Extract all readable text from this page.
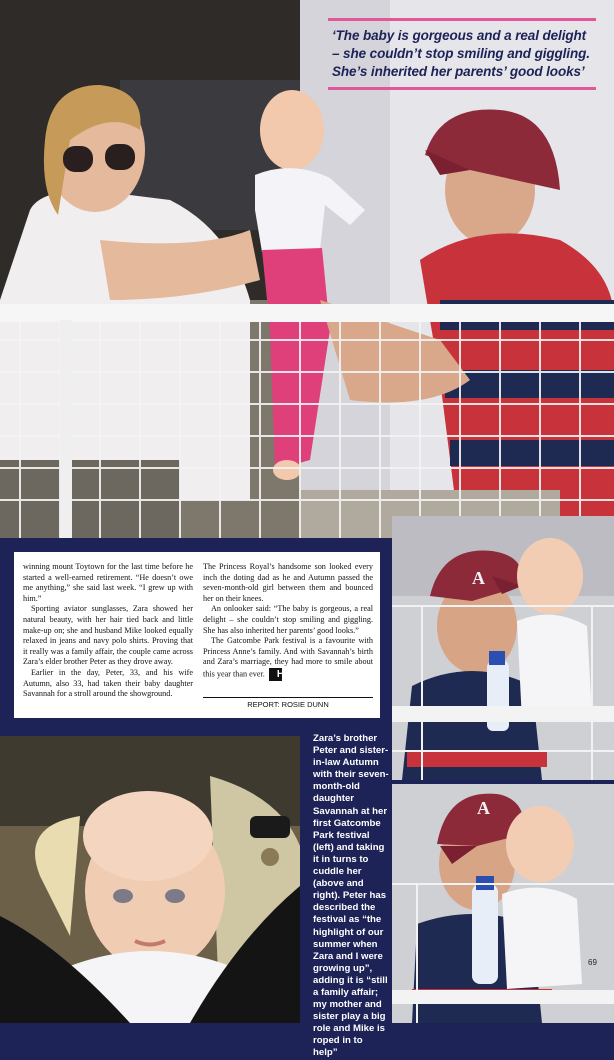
‘The baby is gorgeous and a real delight – she couldn’t stop smiling and giggling. She’s inherited her parents’ good looks’

winning mount Toytown for the last time before he started a well-earned retirement. “He doesn’t owe me anything,” she said last week. “I grew up with him.”

Sporting aviator sunglasses, Zara showed her natural beauty, with her hair tied back and little make-up on; she and husband Mike looked equally relaxed in jeans and navy polo shirts. Proving that it really was a family affair, the couple came across Zara’s elder brother Peter as they drove away.

Earlier in the day, Peter, 33, and his wife Autumn, also 33, had taken their baby daughter Savannah for a stroll around the showground.

The Princess Royal’s handsome son looked every inch the doting dad as he and Autumn passed the seven-month-old girl between them and bounced her on their knees.

An onlooker said: “The baby is gorgeous, a real delight – she couldn’t stop smiling and giggling. She has also inherited her parents’ good looks.”

The Gatcombe Park festival is a favourite with Princess Anne’s family. And with Savannah’s birth and Zara’s marriage, they had more to smile about this year than ever. H

REPORT: ROSIE DUNN
A
A
Zara’s brother Peter and sister-in-law Autumn with their seven-month-old daughter Savannah at her first Gatcombe Park festival (left) and taking it in turns to cuddle her (above and right). Peter has described the festival as “the highlight of our summer when Zara and I were growing up”, adding it is “still a family affair; my mother and sister play a big role and Mike is roped in to help”
69
